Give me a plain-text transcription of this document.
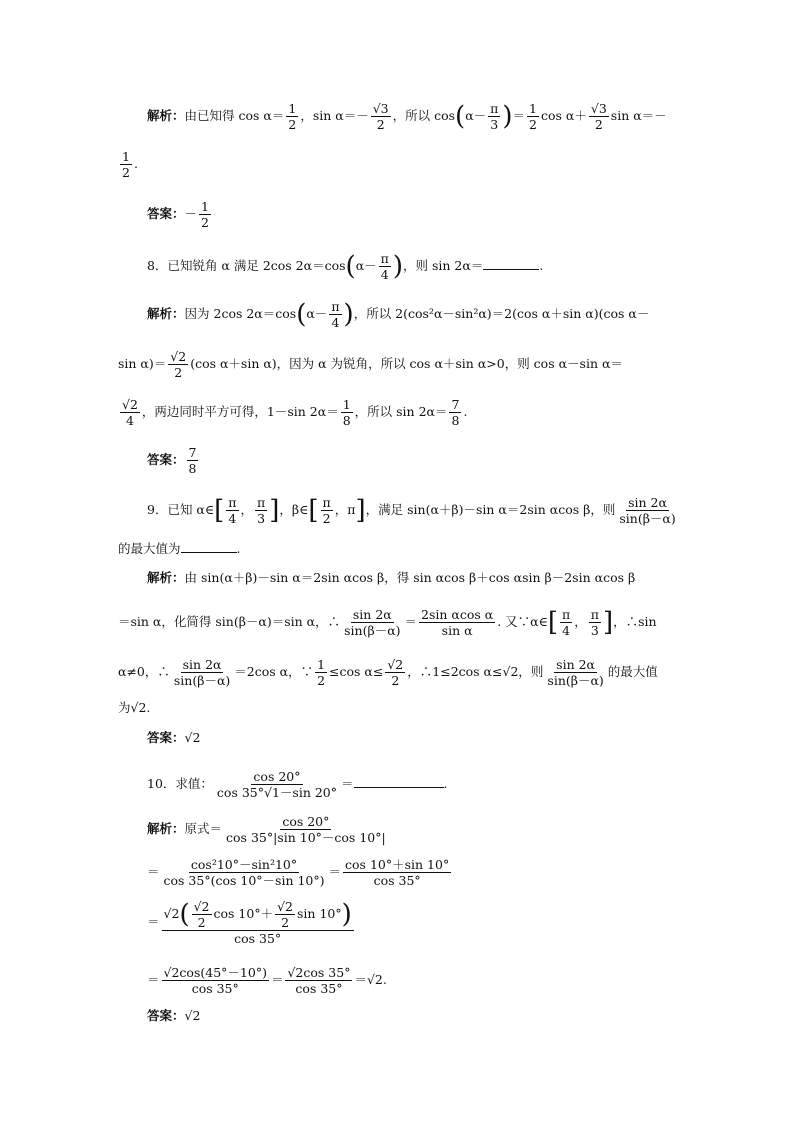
解析：由已知得 $\cos \alpha= \frac{1}{2}$ ，$\sin \alpha=- \frac{√3}{2}$ ，所以 $\cos(\alpha- \frac{\pi}{3}$ )＝ $\frac{1}{2}$ $\cos \alpha+ \frac{√3}{2}$ sin α＝－
$\frac{1}{2}$ .
答案：－ $\frac{1}{2}$
8．已知锐角 α 满足 2cos $2\alpha=\cos(\alpha- \frac{\pi}{4}$ )，则 sin 2α＝	.
解析：因为 2cos $2\alpha=\cos(\alpha- \frac{\pi}{4}$ )，所以 2(cos²α－sin²α)＝2(cos α＋sin α)(cos α－
$\sin \alpha)= \frac{√2}{2} (\cos$ α＋sin α)，因为 α 为锐角，所以 cos α＋sin α>0，则 cos α－sin α＝
$\frac{√2}{4}$ ，两边同时平方可得，1－sin $2\alpha= \frac{1}{8}$ ，所以 $\sin 2\alpha= \frac{7}{8}$ .
答案： $\frac{7}{8}$
9．已知 α∈[ $\frac{\pi}{4}$ ， $\frac{\pi}{3}$ ]，β∈[ $\frac{\pi}{2}$ ，π]，满足 sin(α＋β)－sin α＝2sin αcos β，则 $\frac{\sin 2\alpha}{\sin(\beta-\alpha)}$
的最大值为	.
解析：由 sin(α＋β)－sin α＝2sin αcos β，得 sin αcos β＋cos αsin β－2sin αcos β
＝sin α，化简得 sin(β－α)＝sin α，∴ $\frac{\sin 2\alpha}{\sin(\beta-\alpha)} = \frac{\text{2sin αcos α}}{\text{sin α}}$ . 又∵α∈[ $\frac{\pi}{4}$ ， $\frac{\pi}{3}$ ]，∴sin
α≠0，∴ $\frac{\sin 2\alpha}{\sin(\beta-\alpha)} =2\cos$ α，∵ $\frac{1}{2} \le\cos$ $\alpha\le \frac{√2}{2}$ ，∴1≤2cos α≤√2，则 $\frac{\sin 2\alpha}{\sin(\beta-\alpha)}$ 的最大值
为√2.
答案：√2
10．求值： $\frac{\cos 20^\circ}{\cos 35^\circ√1-\sin 20^\circ}$ ＝	.
解析：原式＝ $\frac{\cos 20^\circ}{\cos 35^\circ|\sin 10^\circ-\cos 10^\circ|}$
＝ $\frac{\text{cos²10°－sin²10°}}{\cos 35^\circ(\cos 10^\circ-\sin 10^\circ)} = \frac{\cos 10^\circ+\sin 10^\circ}{\cos 35^\circ}$
＝ $\frac{√2( \frac{√2}{2} \cos 10^\circ+ \frac{√2}{2} \sin 10^\circ)}{\cos 35^\circ}$
＝ $\frac{√2\cos(45^\circ-10^\circ)}{\cos 35^\circ} = \frac{√2\cos 35^\circ}{\cos 35^\circ} =√2$.
答案：√2
